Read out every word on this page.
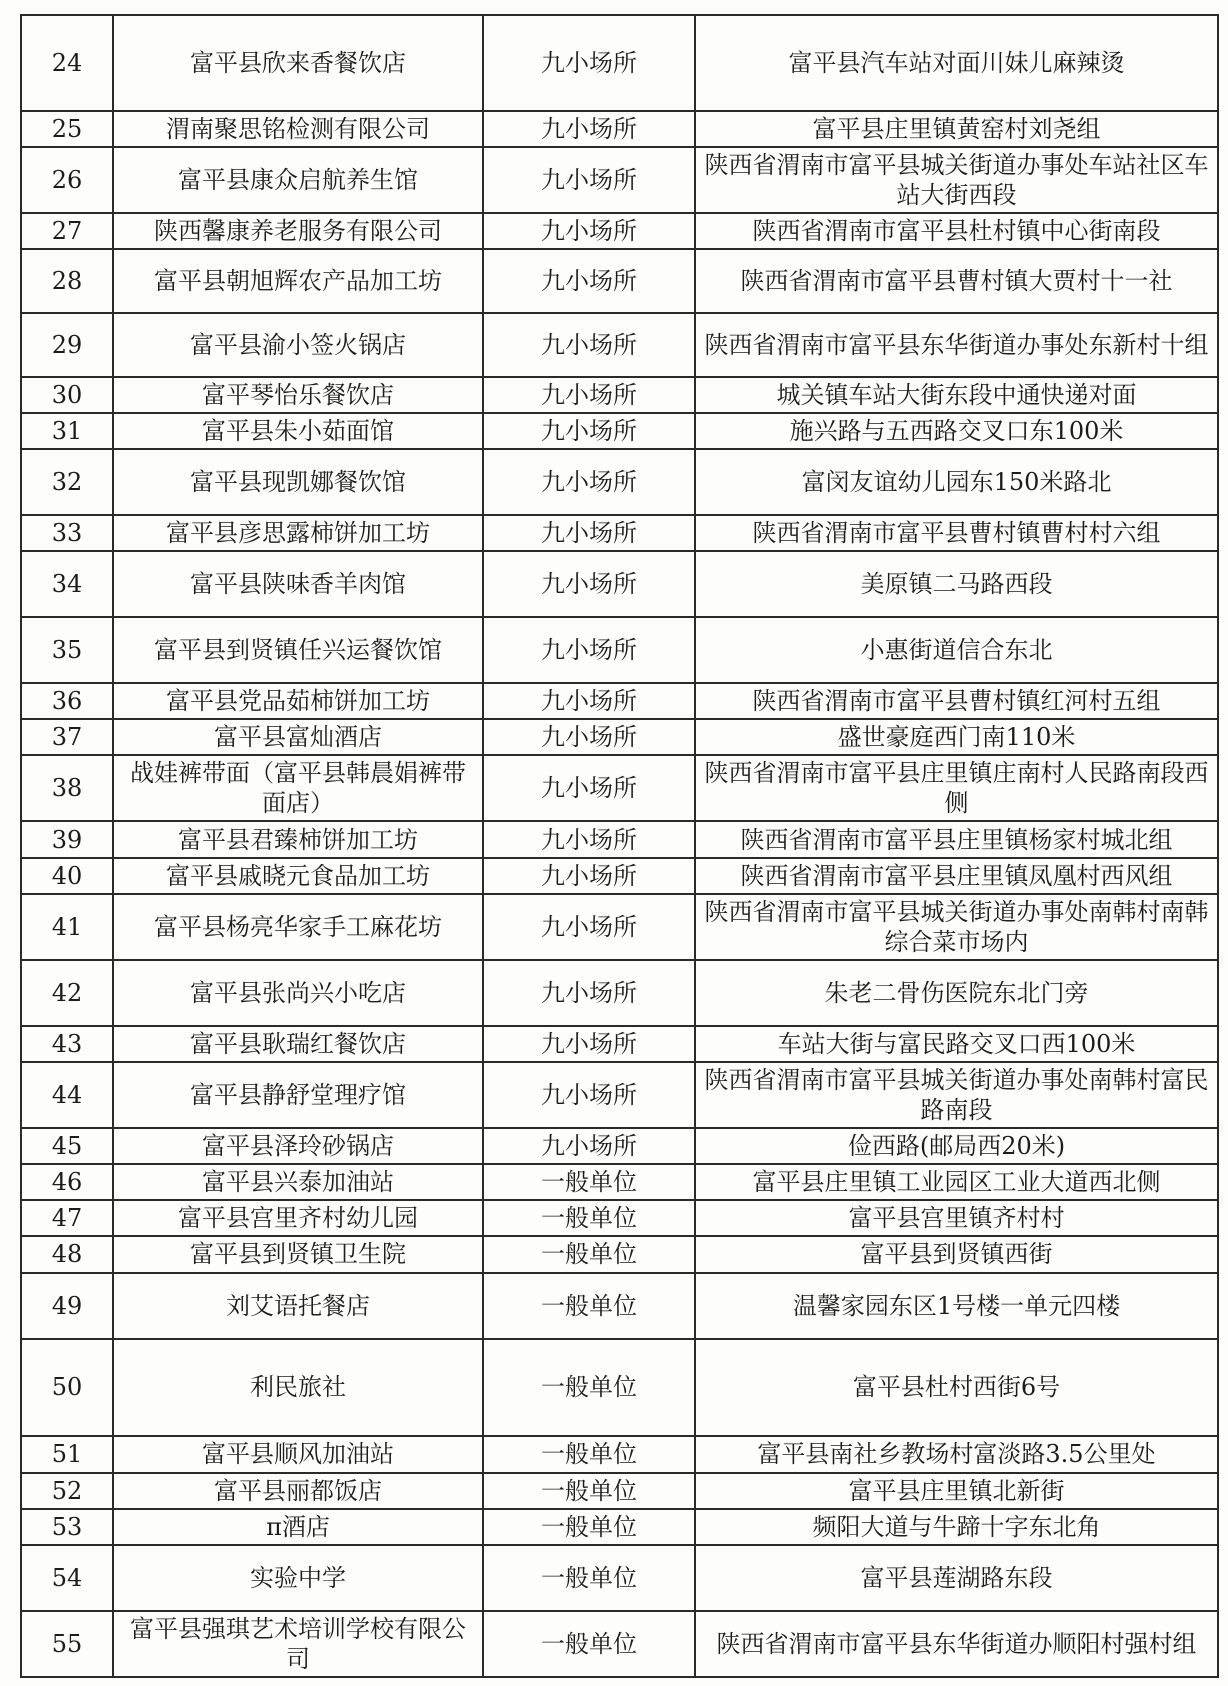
24	富平县欣来香餐饮店	九小场所	富平县汽车站对面川妹儿麻辣烫
25	渭南聚思铭检测有限公司	九小场所	富平县庄里镇黄窑村刘尧组
26	富平县康众启航养生馆	九小场所	陕西省渭南市富平县城关街道办事处车站社区车站大街西段
27	陕西馨康养老服务有限公司	九小场所	陕西省渭南市富平县杜村镇中心街南段
28	富平县朝旭辉农产品加工坊	九小场所	陕西省渭南市富平县曹村镇大贾村十一社
29	富平县渝小签火锅店	九小场所	陕西省渭南市富平县东华街道办事处东新村十组
30	富平琴怡乐餐饮店	九小场所	城关镇车站大街东段中通快递对面
31	富平县朱小茹面馆	九小场所	施兴路与五西路交叉口东100米
32	富平县现凯娜餐饮馆	九小场所	富闵友谊幼儿园东150米路北
33	富平县彦思露柿饼加工坊	九小场所	陕西省渭南市富平县曹村镇曹村村六组
34	富平县陕味香羊肉馆	九小场所	美原镇二马路西段
35	富平县到贤镇任兴运餐饮馆	九小场所	小惠街道信合东北
36	富平县党品茹柿饼加工坊	九小场所	陕西省渭南市富平县曹村镇红河村五组
37	富平县富灿酒店	九小场所	盛世豪庭西门南110米
38	战娃裤带面（富平县韩晨娟裤带面店）	九小场所	陕西省渭南市富平县庄里镇庄南村人民路南段西侧
39	富平县君臻柿饼加工坊	九小场所	陕西省渭南市富平县庄里镇杨家村城北组
40	富平县戚晓元食品加工坊	九小场所	陕西省渭南市富平县庄里镇凤凰村西风组
41	富平县杨亮华家手工麻花坊	九小场所	陕西省渭南市富平县城关街道办事处南韩村南韩综合菜市场内
42	富平县张尚兴小吃店	九小场所	朱老二骨伤医院东北门旁
43	富平县耿瑞红餐饮店	九小场所	车站大街与富民路交叉口西100米
44	富平县静舒堂理疗馆	九小场所	陕西省渭南市富平县城关街道办事处南韩村富民路南段
45	富平县泽玲砂锅店	九小场所	俭西路(邮局西20米)
46	富平县兴泰加油站	一般单位	富平县庄里镇工业园区工业大道西北侧
47	富平县宫里齐村幼儿园	一般单位	富平县宫里镇齐村村
48	富平县到贤镇卫生院	一般单位	富平县到贤镇西街
49	刘艾语托餐店	一般单位	温馨家园东区1号楼一单元四楼
50	利民旅社	一般单位	富平县杜村西街6号
51	富平县顺风加油站	一般单位	富平县南社乡教场村富淡路3.5公里处
52	富平县丽都饭店	一般单位	富平县庄里镇北新街
53	π酒店	一般单位	频阳大道与牛蹄十字东北角
54	实验中学	一般单位	富平县莲湖路东段
55	富平县强琪艺术培训学校有限公司	一般单位	陕西省渭南市富平县东华街道办顺阳村强村组
